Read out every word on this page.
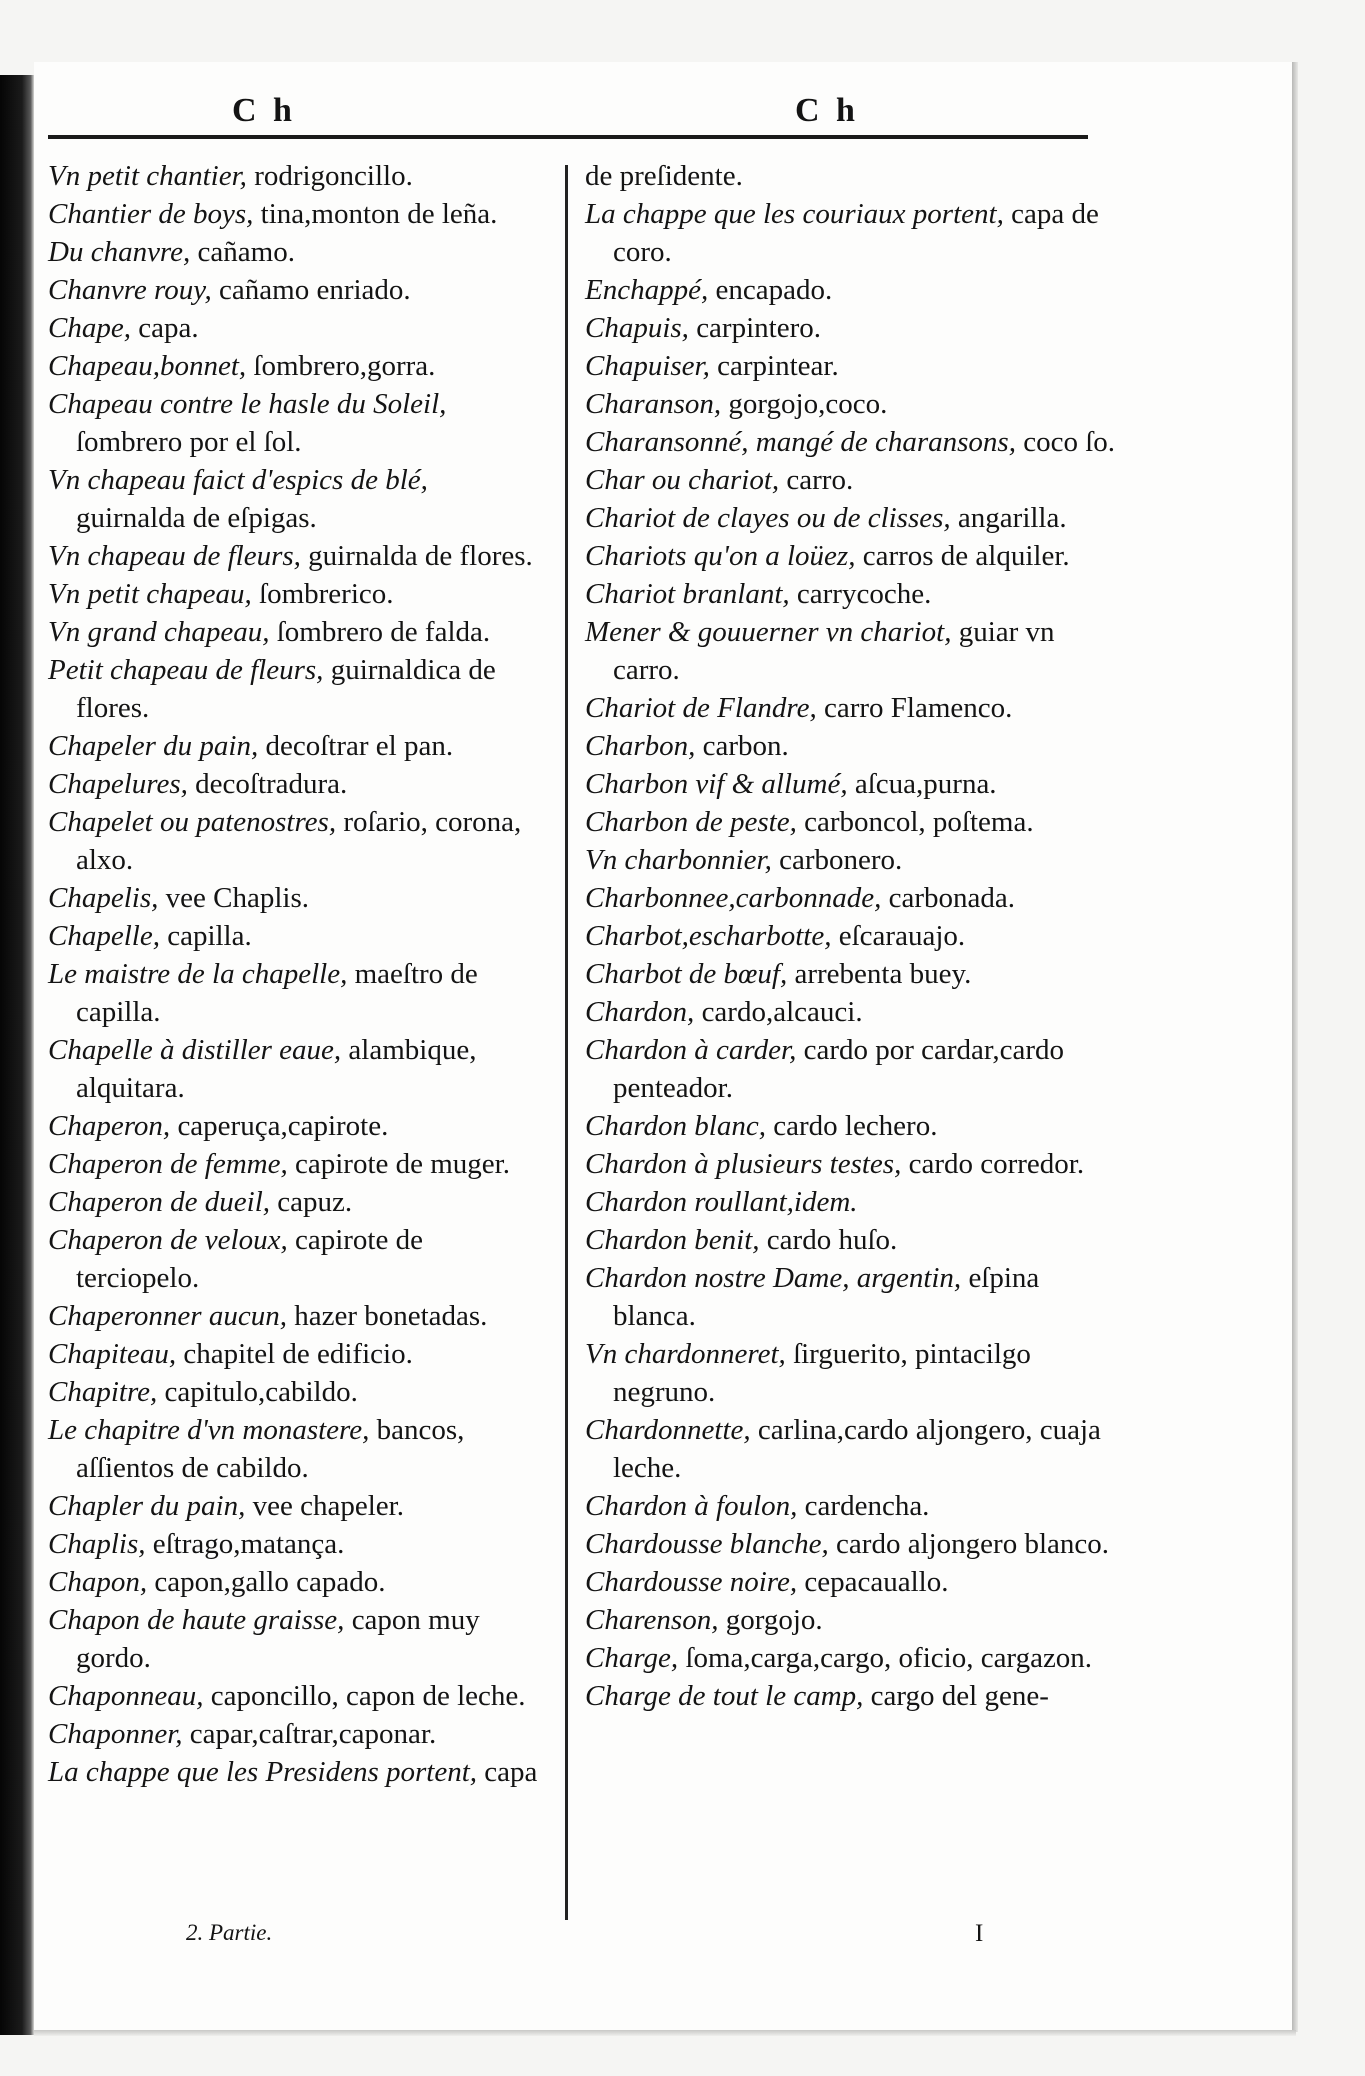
C h	C h
Vn petit chantier, rodrigoncillo.
Chantier de boys, tina,monton de leña.
Du chanvre, cañamo.
Chanvre rouy, cañamo enriado.
Chape, capa.
Chapeau,bonnet, ſombrero,gorra.
Chapeau contre le hasle du Soleil, ſombrero por el ſol.
Vn chapeau faict d'espics de blé, guirnalda de eſpigas.
Vn chapeau de fleurs, guirnalda de flores.
Vn petit chapeau, ſombrerico.
Vn grand chapeau, ſombrero de falda.
Petit chapeau de fleurs, guirnaldica de flores.
Chapeler du pain, decoſtrar el pan.
Chapelures, decoſtradura.
Chapelet ou patenostres, roſario, corona, alxo.
Chapelis, vee Chaplis.
Chapelle, capilla.
Le maistre de la chapelle, maeſtro de capilla.
Chapelle à distiller eaue, alambique, alquitara.
Chaperon, caperuça,capirote.
Chaperon de femme, capirote de muger.
Chaperon de dueil, capuz.
Chaperon de veloux, capirote de terciopelo.
Chaperonner aucun, hazer bonetadas.
Chapiteau, chapitel de edificio.
Chapitre, capitulo,cabildo.
Le chapitre d'vn monastere, bancos, aſſientos de cabildo.
Chapler du pain, vee chapeler.
Chaplis, eſtrago,matança.
Chapon, capon,gallo capado.
Chapon de haute graisse, capon muy gordo.
Chaponneau, caponcillo, capon de leche.
Chaponner, capar,caſtrar,caponar.
La chappe que les Presidens portent, capa
de preſidente.
La chappe que les couriaux portent, capa de coro.
Enchappé, encapado.
Chapuis, carpintero.
Chapuiser, carpintear.
Charanson, gorgojo,coco.
Charansonné, mangé de charansons, coco ſo.
Char ou chariot, carro.
Chariot de clayes ou de clisses, angarilla.
Chariots qu'on a loüez, carros de alquiler.
Chariot branlant, carrycoche.
Mener & gouuerner vn chariot, guiar vn carro.
Chariot de Flandre, carro Flamenco.
Charbon, carbon.
Charbon vif & allumé, aſcua,purna.
Charbon de peste, carboncol, poſtema.
Vn charbonnier, carbonero.
Charbonnee,carbonnade, carbonada.
Charbot,escharbotte, eſcarauajo.
Charbot de bœuf, arrebenta buey.
Chardon, cardo,alcauci.
Chardon à carder, cardo por cardar,cardo penteador.
Chardon blanc, cardo lechero.
Chardon à plusieurs testes, cardo corredor.
Chardon roullant,idem.
Chardon benit, cardo huſo.
Chardon nostre Dame, argentin, eſpina blanca.
Vn chardonneret, ſirguerito, pintacilgo negruno.
Chardonnette, carlina,cardo aljongero, cuaja leche.
Chardon à foulon, cardencha.
Chardousse blanche, cardo aljongero blanco.
Chardousse noire, cepacauallo.
Charenson, gorgojo.
Charge, ſoma,carga,cargo, oficio, cargazon.
Charge de tout le camp, cargo del gene-
2. Partie.	I
